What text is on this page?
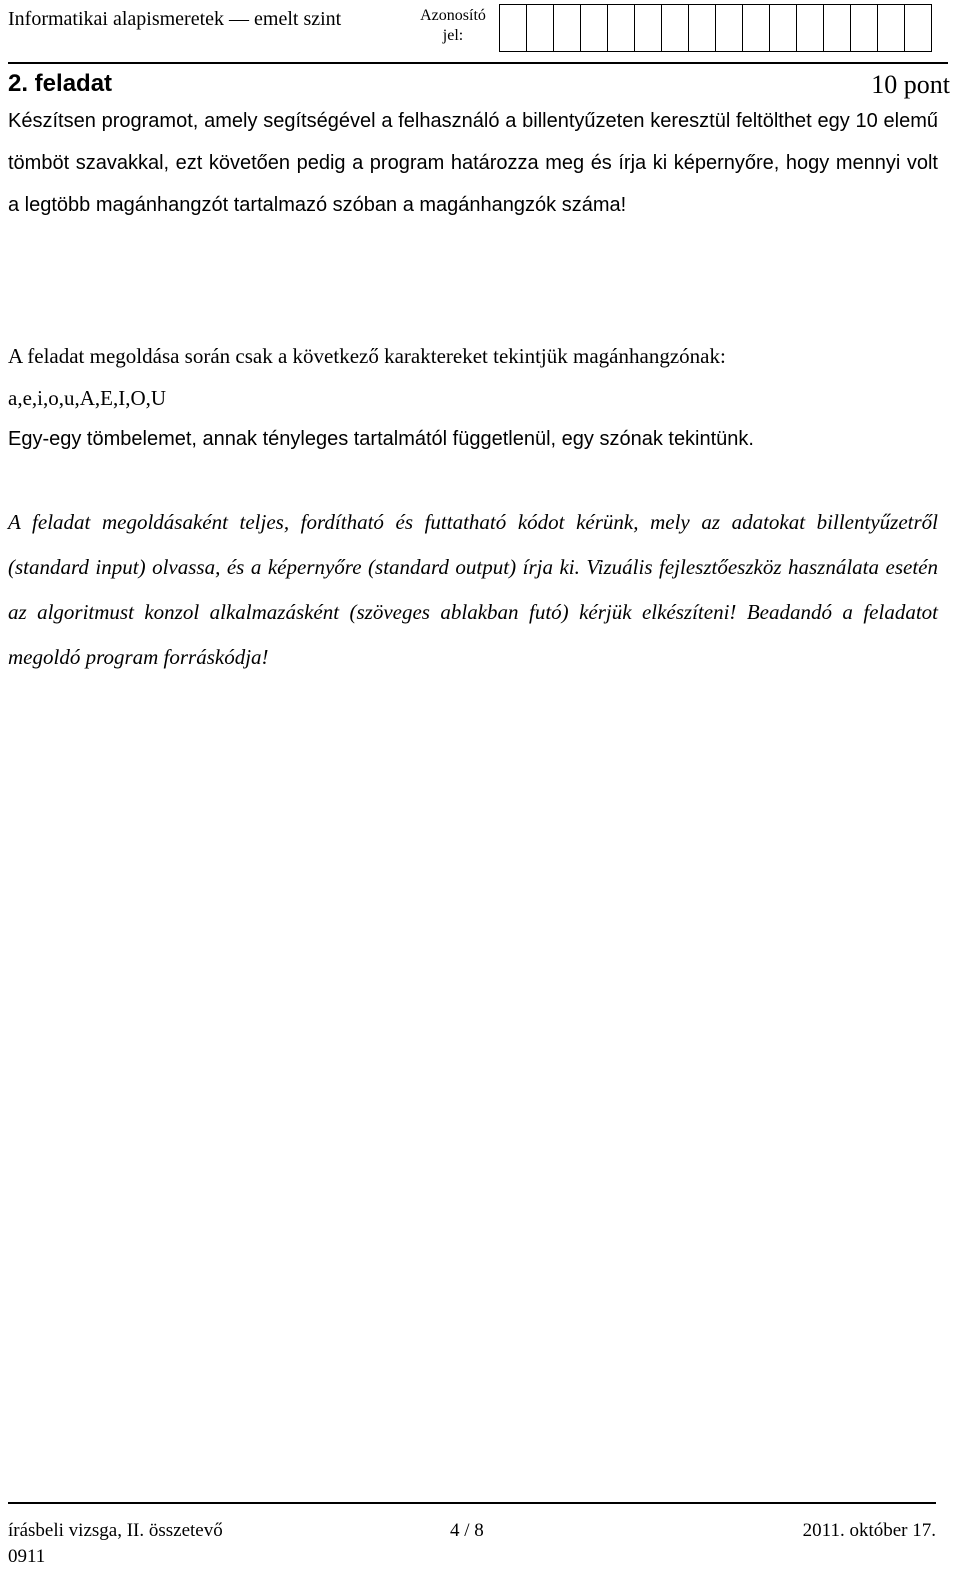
Informatikai alapismeretek — emelt szint	Azonosító jel:
2. feladat	10 pont
Készítsen programot, amely segítségével a felhasználó a billentyűzeten keresztül feltölthet egy 10 elemű tömböt szavakkal, ezt követően pedig a program határozza meg és írja ki képernyőre, hogy mennyi volt a legtöbb magánhangzót tartalmazó szóban a magánhangzók száma!
A feladat megoldása során csak a következő karaktereket tekintjük magánhangzónak:
a,e,i,o,u,A,E,I,O,U
Egy-egy tömbelemet, annak tényleges tartalmától függetlenül, egy szónak tekintünk.
A feladat megoldásaként teljes, fordítható és futtatható kódot kérünk, mely az adatokat billentyűzetről (standard input) olvassa, és a képernyőre (standard output) írja ki. Vizuális fejlesztőeszköz használata esetén az algoritmust konzol alkalmazásként (szöveges ablakban futó) kérjük elkészíteni! Beadandó a feladatot megoldó program forráskódja!
írásbeli vizsga, II. összetevő	4 / 8	2011. október 17.
0911
